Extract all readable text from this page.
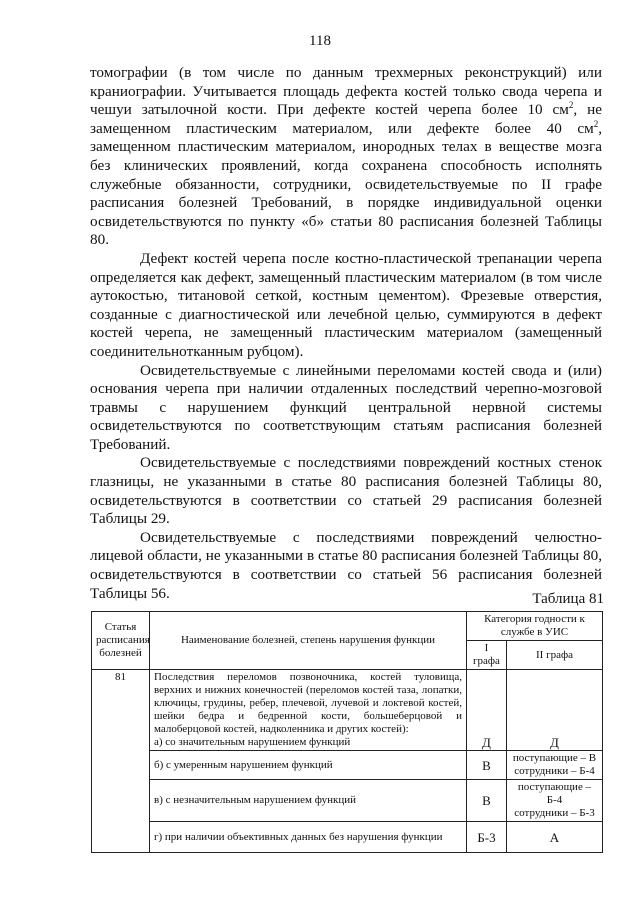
118

томографии (в том числе по данным трехмерных реконструкций) или краниографии. Учитывается площадь дефекта костей только свода черепа и чешуи затылочной кости. При дефекте костей черепа более 10 $см^2$, не замещенном пластическим материалом, или дефекте более 40 $см^2$, замещенном пластическим материалом, инородных телах в веществе мозга без клинических проявлений, когда сохранена способность исполнять служебные обязанности, сотрудники, освидетельствуемые по II графе расписания болезней Требований, в порядке индивидуальной оценки освидетельствуются по пункту «б» статьи 80 расписания болезней Таблицы 80.

Дефект костей черепа после костно-пластической трепанации черепа определяется как дефект, замещенный пластическим материалом (в том числе аутокостью, титановой сеткой, костным цементом). Фрезевые отверстия, созданные с диагностической или лечебной целью, суммируются в дефект костей черепа, не замещенный пластическим материалом (замещенный соединительнотканным рубцом).

Освидетельствуемые с линейными переломами костей свода и (или) основания черепа при наличии отдаленных последствий черепно-мозговой травмы с нарушением функций центральной нервной системы освидетельствуются по соответствующим статьям расписания болезней Требований.

Освидетельствуемые с последствиями повреждений костных стенок глазницы, не указанными в статье 80 расписания болезней Таблицы 80, освидетельствуются в соответствии со статьей 29 расписания болезней Таблицы 29.

Освидетельствуемые с последствиями повреждений челюстно-лицевой области, не указанными в статье 80 расписания болезней Таблицы 80, освидетельствуются в соответствии со статьей 56 расписания болезней Таблицы 56.	Таблица 81
Статья расписания болезней	Наименование болезней, степень нарушения функции	Категория годности к службе в УИС	
		I графа	II графа
81	Последствия переломов позвоночника, костей туловища, верхних и нижних конечностей (переломов костей таза, лопатки, ключицы, грудины, ребер, плечевой, лучевой и локтевой костей, шейки бедра и бедренной кости, большеберцовой и малоберцовой костей, надколенника и других костей):
а) со значительным нарушением функций	Д	Д
	б) с умеренным нарушением функций	В	поступающие – В
сотрудники – Б-4
	в) с незначительным нарушением функций	В	поступающие – Б-4
сотрудники – Б-3
	г) при наличии объективных данных без нарушения функции	Б-3	А
